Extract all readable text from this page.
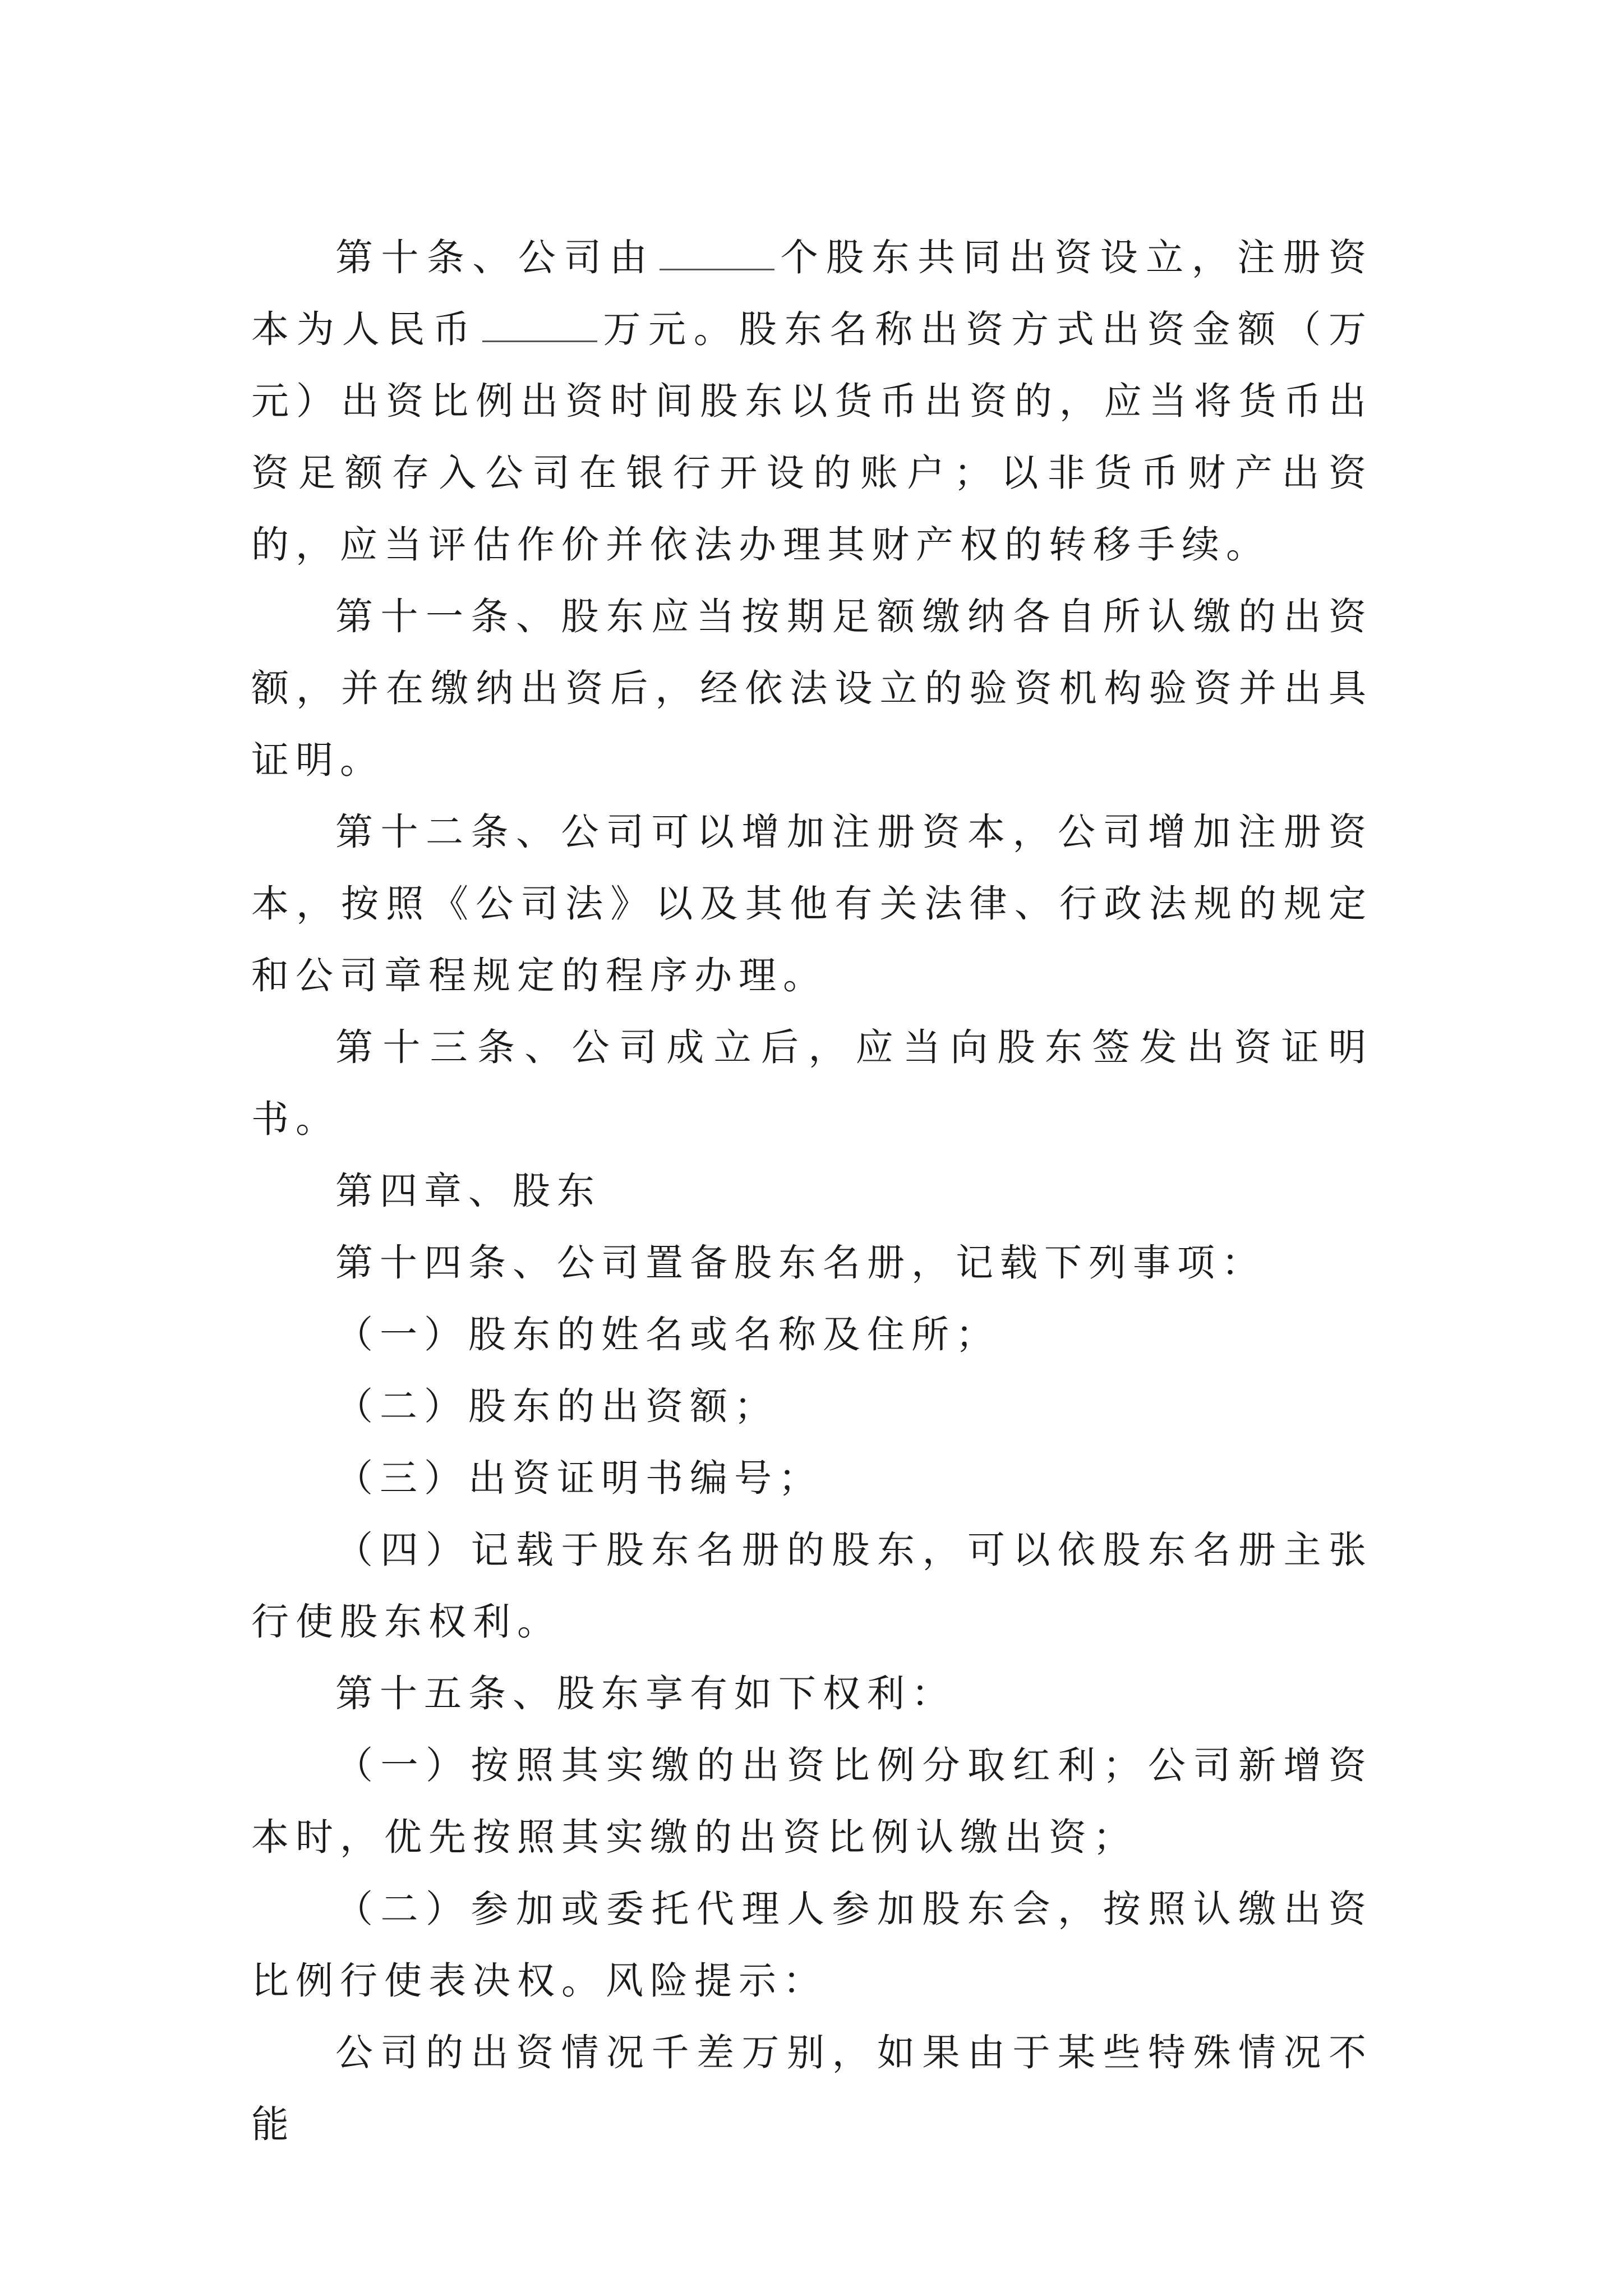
第十条、公司由	个股东共同出资设立，注册资本为人民币	万元。股东名称出资方式出资金额（万元）出资比例出资时间股东以货币出资的，应当将货币出资足额存入公司在银行开设的账户；以非货币财产出资的，应当评估作价并依法办理其财产权的转移手续。

第十一条、股东应当按期足额缴纳各自所认缴的出资额，并在缴纳出资后，经依法设立的验资机构验资并出具证明。

第十二条、公司可以增加注册资本，公司增加注册资本，按照《公司法》以及其他有关法律、行政法规的规定和公司章程规定的程序办理。

第十三条、公司成立后，应当向股东签发出资证明书。

第四章、股东

第十四条、公司置备股东名册，记载下列事项：

（一）股东的姓名或名称及住所；

（二）股东的出资额；

（三）出资证明书编号；

（四）记载于股东名册的股东，可以依股东名册主张行使股东权利。

第十五条、股东享有如下权利：

（一）按照其实缴的出资比例分取红利；公司新增资本时，优先按照其实缴的出资比例认缴出资；

（二）参加或委托代理人参加股东会，按照认缴出资比例行使表决权。风险提示：

公司的出资情况千差万别，如果由于某些特殊情况不能
